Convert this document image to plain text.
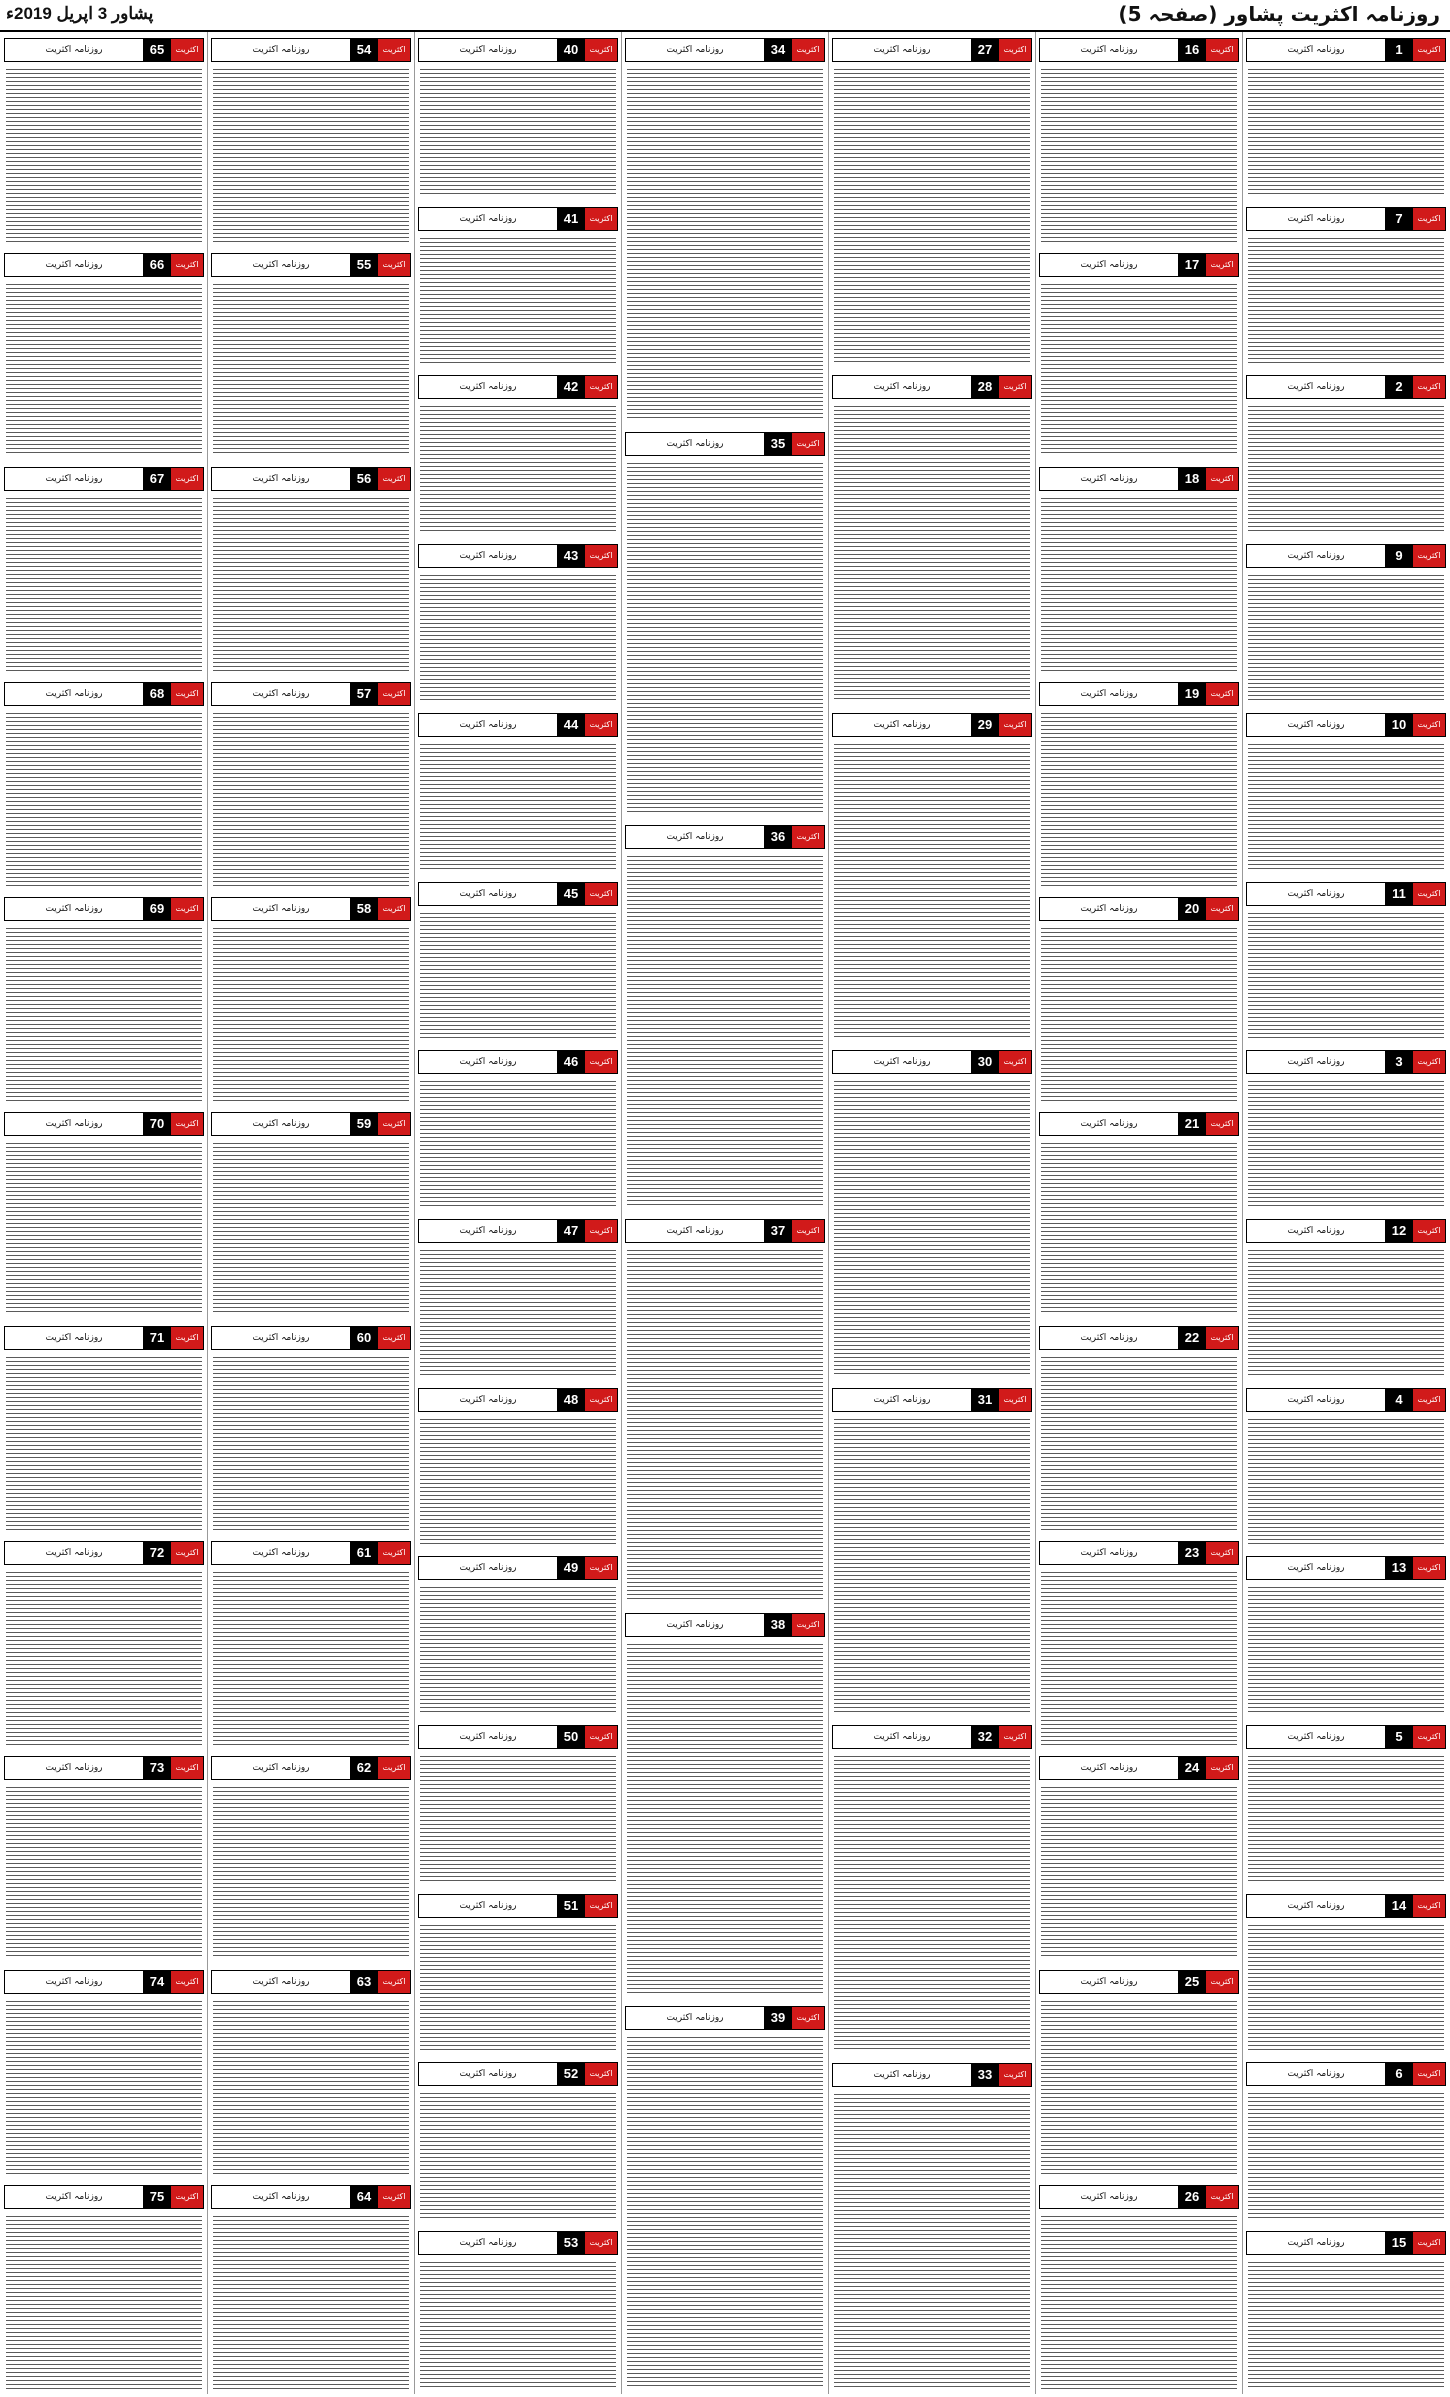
پشاور 3 اپریل 2019ء	روزنامہ اکثریت پشاور (صفحہ 5)
اکثریت
1
روزنامہ اکثریت
اکثریت
7
روزنامہ اکثریت
اکثریت
2
روزنامہ اکثریت
اکثریت
9
روزنامہ اکثریت
اکثریت
10
روزنامہ اکثریت
اکثریت
11
روزنامہ اکثریت
اکثریت
3
روزنامہ اکثریت
اکثریت
12
روزنامہ اکثریت
اکثریت
4
روزنامہ اکثریت
اکثریت
13
روزنامہ اکثریت
اکثریت
5
روزنامہ اکثریت
اکثریت
14
روزنامہ اکثریت
اکثریت
6
روزنامہ اکثریت
اکثریت
15
روزنامہ اکثریت
اکثریت
16
روزنامہ اکثریت
اکثریت
17
روزنامہ اکثریت
اکثریت
18
روزنامہ اکثریت
اکثریت
19
روزنامہ اکثریت
اکثریت
20
روزنامہ اکثریت
اکثریت
21
روزنامہ اکثریت
اکثریت
22
روزنامہ اکثریت
اکثریت
23
روزنامہ اکثریت
اکثریت
24
روزنامہ اکثریت
اکثریت
25
روزنامہ اکثریت
اکثریت
26
روزنامہ اکثریت
اکثریت
27
روزنامہ اکثریت
اکثریت
28
روزنامہ اکثریت
اکثریت
29
روزنامہ اکثریت
اکثریت
30
روزنامہ اکثریت
اکثریت
31
روزنامہ اکثریت
اکثریت
32
روزنامہ اکثریت
اکثریت
33
روزنامہ اکثریت
اکثریت
34
روزنامہ اکثریت
اکثریت
35
روزنامہ اکثریت
اکثریت
36
روزنامہ اکثریت
اکثریت
37
روزنامہ اکثریت
اکثریت
38
روزنامہ اکثریت
اکثریت
39
روزنامہ اکثریت
اکثریت
40
روزنامہ اکثریت
اکثریت
41
روزنامہ اکثریت
اکثریت
42
روزنامہ اکثریت
اکثریت
43
روزنامہ اکثریت
اکثریت
44
روزنامہ اکثریت
اکثریت
45
روزنامہ اکثریت
اکثریت
46
روزنامہ اکثریت
اکثریت
47
روزنامہ اکثریت
اکثریت
48
روزنامہ اکثریت
اکثریت
49
روزنامہ اکثریت
اکثریت
50
روزنامہ اکثریت
اکثریت
51
روزنامہ اکثریت
اکثریت
52
روزنامہ اکثریت
اکثریت
53
روزنامہ اکثریت
اکثریت
54
روزنامہ اکثریت
اکثریت
55
روزنامہ اکثریت
اکثریت
56
روزنامہ اکثریت
اکثریت
57
روزنامہ اکثریت
اکثریت
58
روزنامہ اکثریت
اکثریت
59
روزنامہ اکثریت
اکثریت
60
روزنامہ اکثریت
اکثریت
61
روزنامہ اکثریت
اکثریت
62
روزنامہ اکثریت
اکثریت
63
روزنامہ اکثریت
اکثریت
64
روزنامہ اکثریت
اکثریت
65
روزنامہ اکثریت
اکثریت
66
روزنامہ اکثریت
اکثریت
67
روزنامہ اکثریت
اکثریت
68
روزنامہ اکثریت
اکثریت
69
روزنامہ اکثریت
اکثریت
70
روزنامہ اکثریت
اکثریت
71
روزنامہ اکثریت
اکثریت
72
روزنامہ اکثریت
اکثریت
73
روزنامہ اکثریت
اکثریت
74
روزنامہ اکثریت
اکثریت
75
روزنامہ اکثریت
